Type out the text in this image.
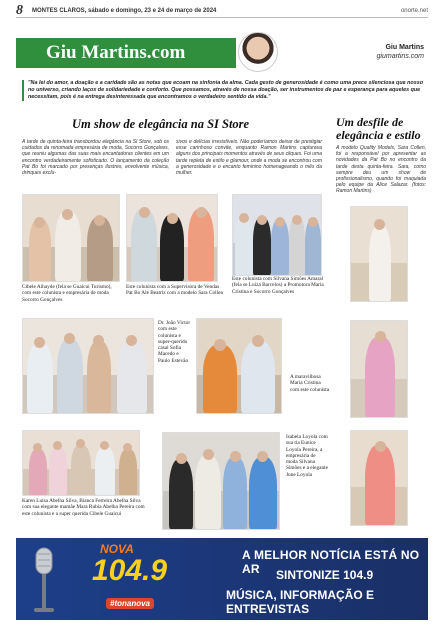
8	MONTES CLAROS, sábado e domingo, 23 e 24 de março de 2024	onorte.net
Giu Martins.com	Giu Martins
giumartins.com

"Na lei do amor, a doação e a caridade são as notas que ecoam na sinfonia da alma. Cada gesto de generosidade é como uma prece silenciosa que nosso no universo, criando laços de solidariedade e conforto. Que possamos, através de nossa doação, ser instrumentos de paz e esperança para aqueles que necessitam, pois é na entrega desinteressada que encontramos o verdadeiro sentido da vida."

Um show de elegância na SI Store	Um desfile de elegância e estilo

A tarde de quinta-feira transbordou elegância na Sl Store, sob os cuidados da renomada empresária de moda, Socorro Gonçalves, que reuniu algumas das suas mais encantadoras clientes em um encontro verdadeiramente sofisticado. O lançamento da coleção Pat Bo foi marcado por presenças ilustres, envolvente música, drinques exclu-

sivos e delícias irresistíveis. Não poderíamos deixar de prestigiar esse carinhoso convite, enquanto Ramon Martins capturava alguns dos principais momentos através de seus cliques. Foi uma tarde repleta de estilo e glamour, onde a moda se encontrou com a generosidade e o encanto feminino homenageando o mês da mulher.

A modelo Quality Models, Sara Collen, foi a responsável por apresentar as novidades da Pat Bo no encontro da tarde desta quinta-feira. Sara, como sempre deu um show de profissionalismo, quando foi maquiada pelo equipe da Alice Salazar. (fotos: Ramon Martins)

Cibele Aihayde (fela se Guaicui Turismo), com este colunista e empresária de moda Socorro Gonçalves

Este colunista com a Supervisora de Vendas Pat Bo Ale Beatriz com a modelo Sara Collen

Este colunista com Silvana Simões Amaral (fela se Luiza Barcelos) a Promotora Maria Cristina e Socorro Gonçalves

Dr. João Victor com este colunista e super-querido casal Sofia Macedo e Paulo Estevão

A maravilhosa Maria Cristina com este colunista

Karen Luisa Abelha Silva, Bianca Ferreira Abelha Silva com sua elegante mamãe Mara Rubia Abelha Pereira com este colunista e a super querida Cibele Guaicui

Isabela Loyola com sua tia Eunice Loyola Pereira, a empresária de moda Silvana Simões e a elegante June Loyola

NOVA
104.9
#tonanova
A MELHOR NOTÍCIA ESTÁ NO AR	SINTONIZE 104.9
MÚSICA, INFORMAÇÃO E ENTREVISTAS
